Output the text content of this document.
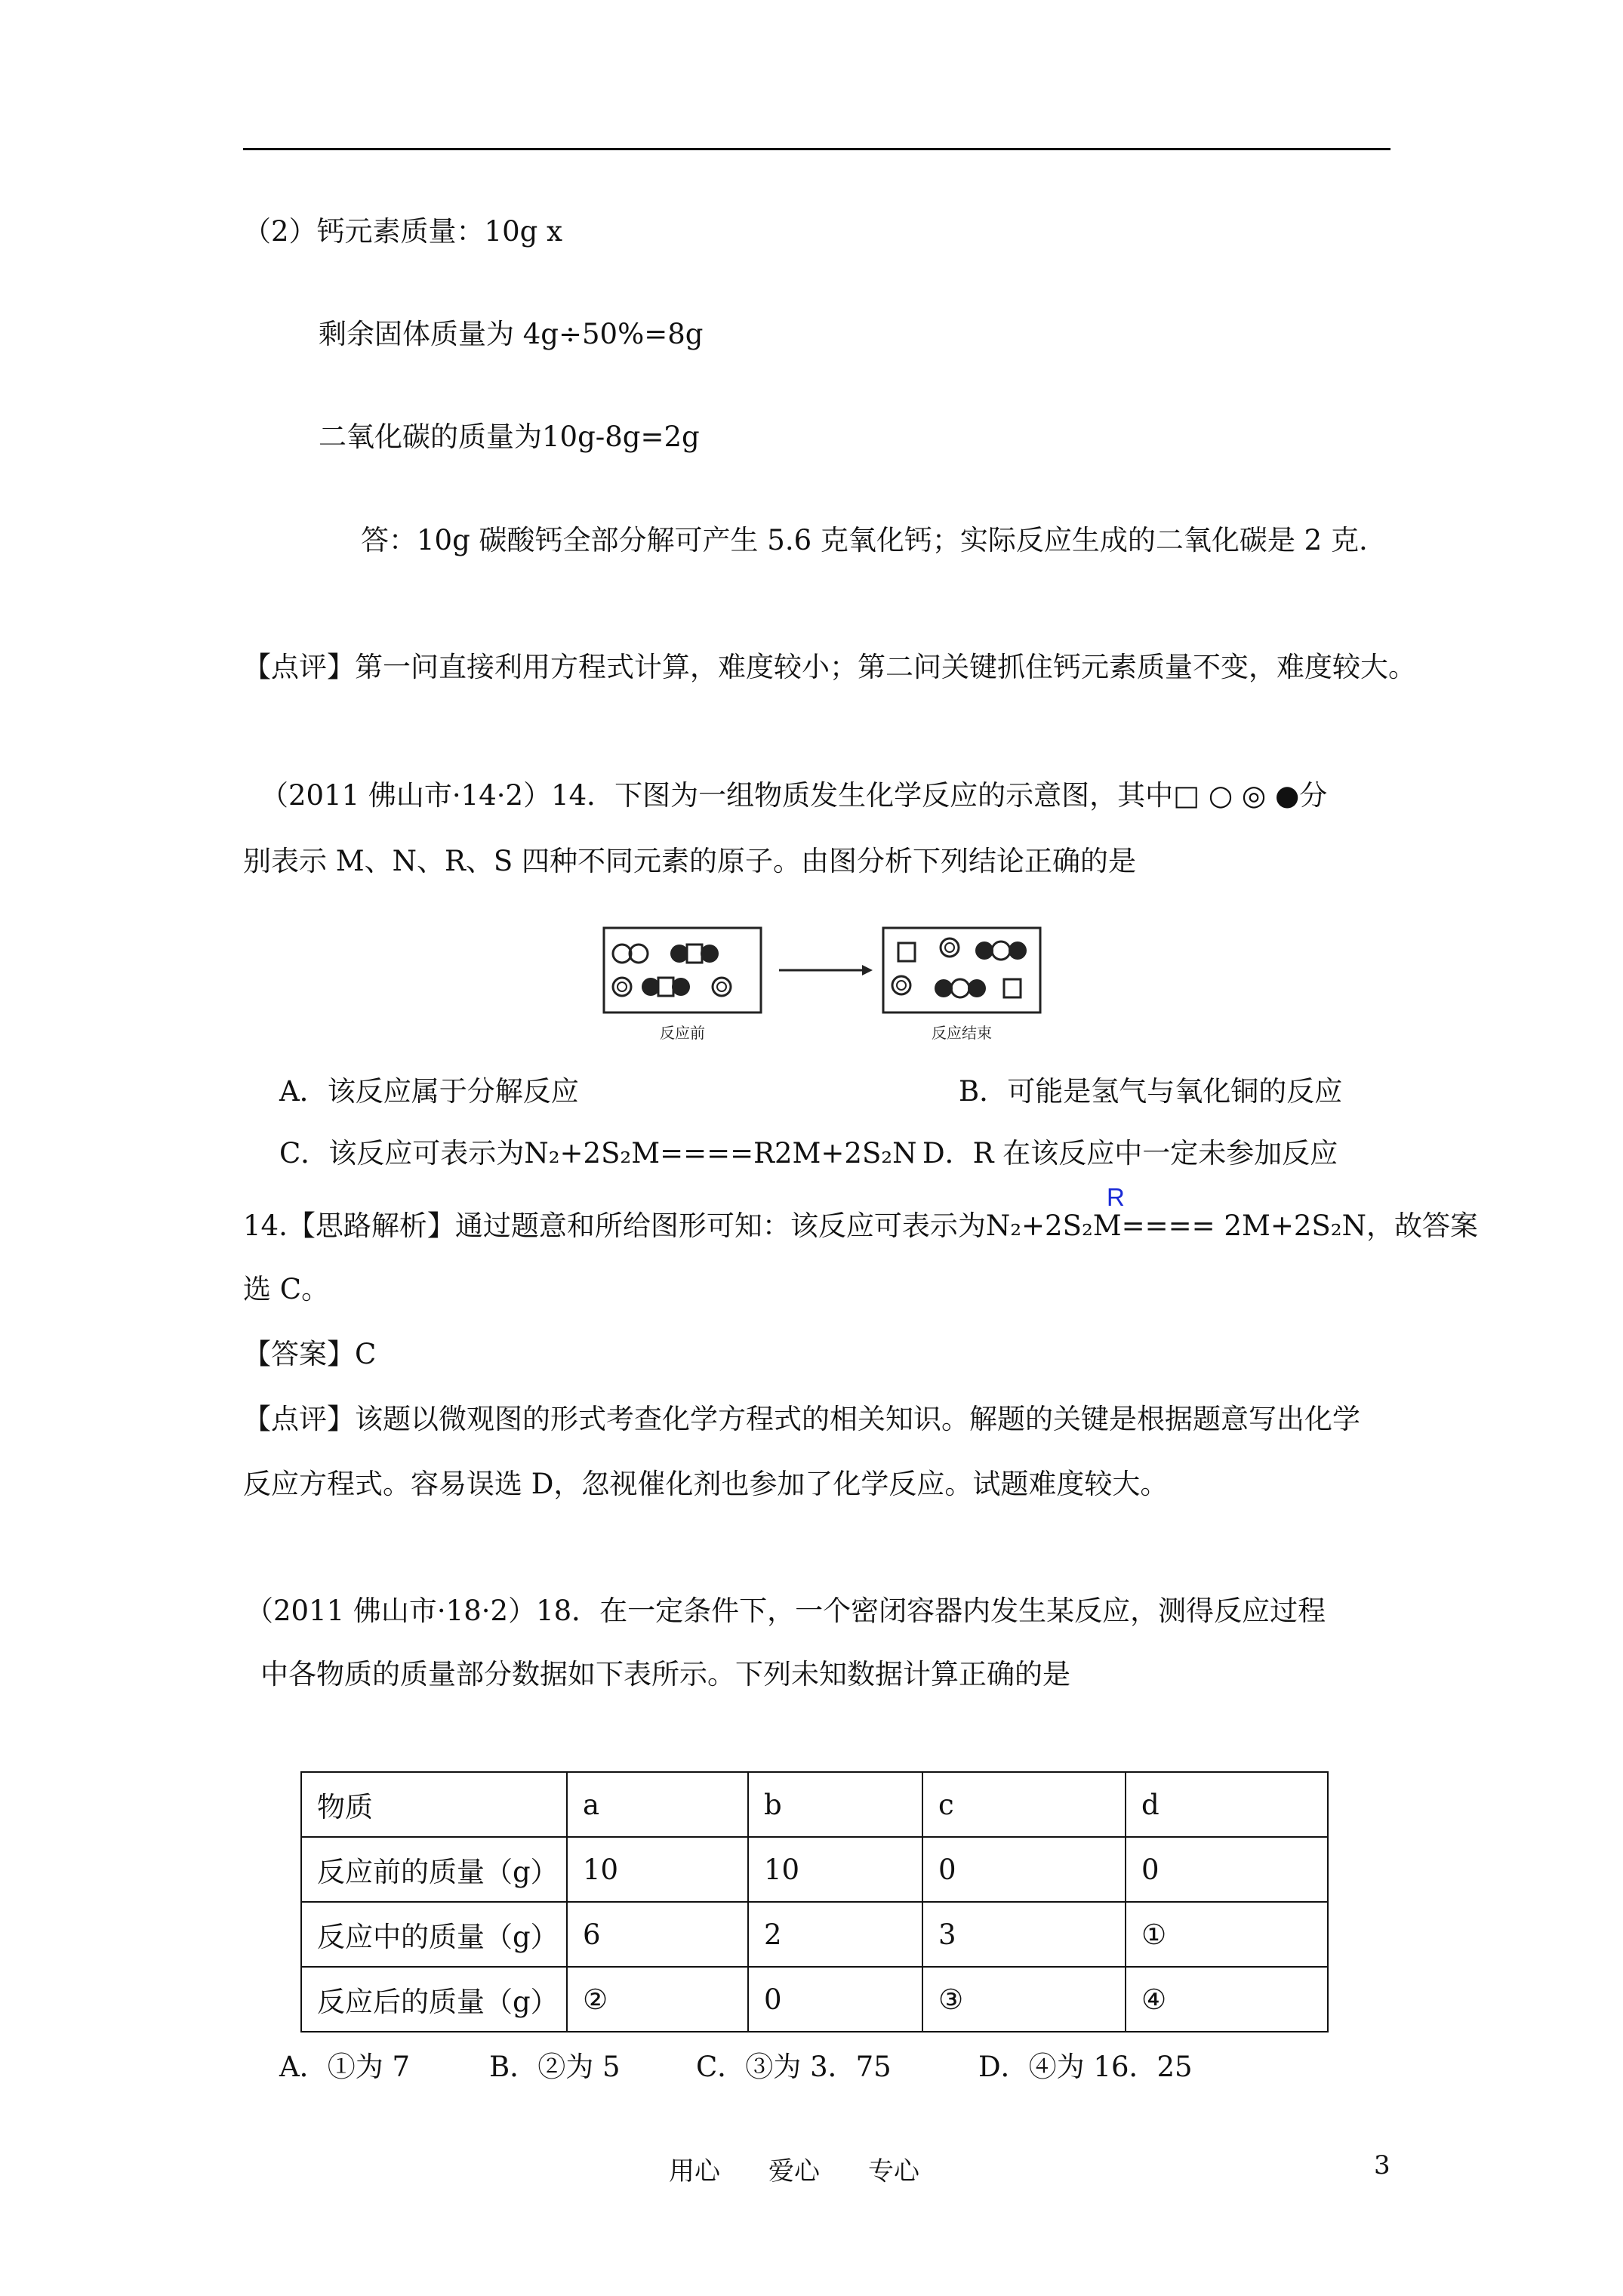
（2）钙元素质量：10g x
剩余固体质量为 4g÷50%=8g
二氧化碳的质量为10g-8g=2g
答：10g 碳酸钙全部分解可产生 5.6 克氧化钙；实际反应生成的二氧化碳是 2 克.
【点评】第一问直接利用方程式计算，难度较小；第二问关键抓住钙元素质量不变，难度较大。
（2011 佛山市·14·2）14．下图为一组物质发生化学反应的示意图，其中□ ○ ◎ ●分
别表示 M、N、R、S 四种不同元素的原子。由图分析下列结论正确的是
反应前	反应结束
A．该反应属于分解反应	B．可能是氢气与氧化铜的反应
C．该反应可表示为N₂+2S₂M====R2M+2S₂N D．R 在该反应中一定未参加反应
R
14.【思路解析】通过题意和所给图形可知：该反应可表示为N₂+2S₂M==== 2M+2S₂N，故答案
选 C。
【答案】C
【点评】该题以微观图的形式考查化学方程式的相关知识。解题的关键是根据题意写出化学
反应方程式。容易误选 D，忽视催化剂也参加了化学反应。试题难度较大。
（2011 佛山市·18·2）18．在一定条件下，一个密闭容器内发生某反应，测得反应过程
中各物质的质量部分数据如下表所示。下列未知数据计算正确的是
物质	a	b	c	d
反应前的质量（g）	10	10	0	0
反应中的质量（g）	6	2	3	①
反应后的质量（g）	②	0	③	④
A．①为 7	B．②为 5	C．③为 3．75	D．④为 16．25
用心 爱心 专心	3
